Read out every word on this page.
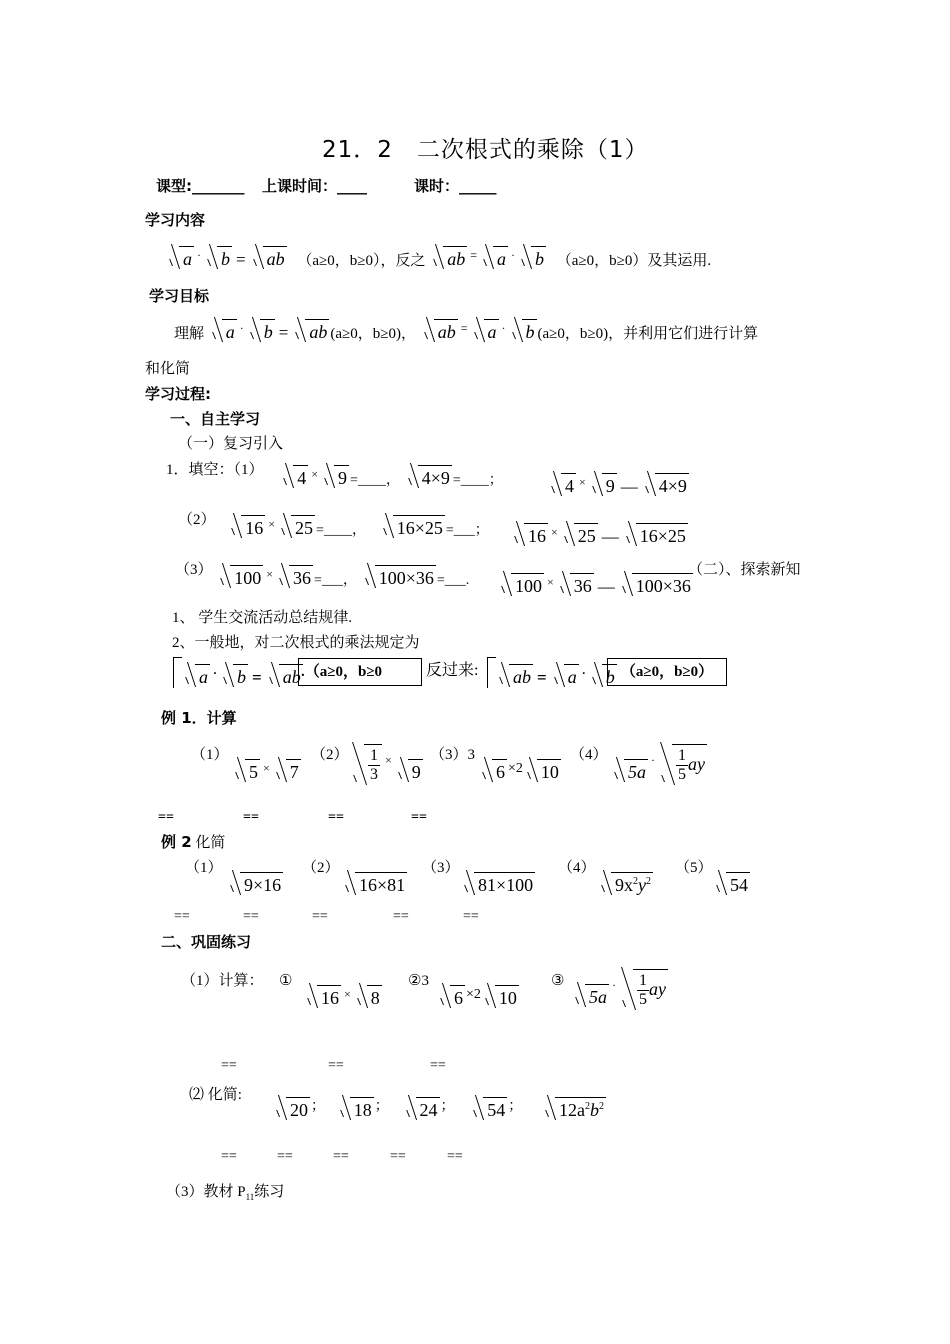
21．2　二次根式的乘除（1）
课型:_______ 上课时间：____	课时：_____
学习内容
a · b = ab （a≥0，b≥0），反之 ab = a · b （a≥0，b≥0）及其运用.
学习目标
理解 a · b = ab (a≥0，b≥0)， ab = a · b (a≥0，b≥0)，并利用它们进行计算
和化简
学习过程:
一、自主学习
（一）复习引入
1．填空：（1） 4 × 9 =____， 4×9 =____；	4 × 9 — 4×9
（2） 16 × 25 =____， 16×25 =___；	16 × 25 — 16×25
（3） 100 × 36 =___， 100×36 =___.	100 × 36 — 100×36
（二）、探索新知
1、 学生交流活动总结规律.
2、一般地，对二次根式的乘法规定为
a · b = ab .（a≥0，b≥0	反过来:	ab = a · b （a≥0，b≥0）
例 1．计算
（1）
5 × 7
$(2) \frac{1}{3} ^\times 9$
（3）3
6 ×2 10
（4）
$5a^\cdot \frac{1}{5}$ ay
==	==	==	==
例 2 化简
（1）
9×16
（2）
16×81
（3）
81×100
（4）
$9x^2y^2$
（5）
54
==	==	==	==	==
二、巩固练习
（1）计算： ①
16 × 8
②3
6 ×2 10
③
$5a^\cdot \frac{1}{5}$ ay
==	==	==
⑵ 化简:
20 ； 18 ； 24 ； 54 ； $12a^2b^2$
==	==	==	==	==
（3）教材 $P_{11}$练习
